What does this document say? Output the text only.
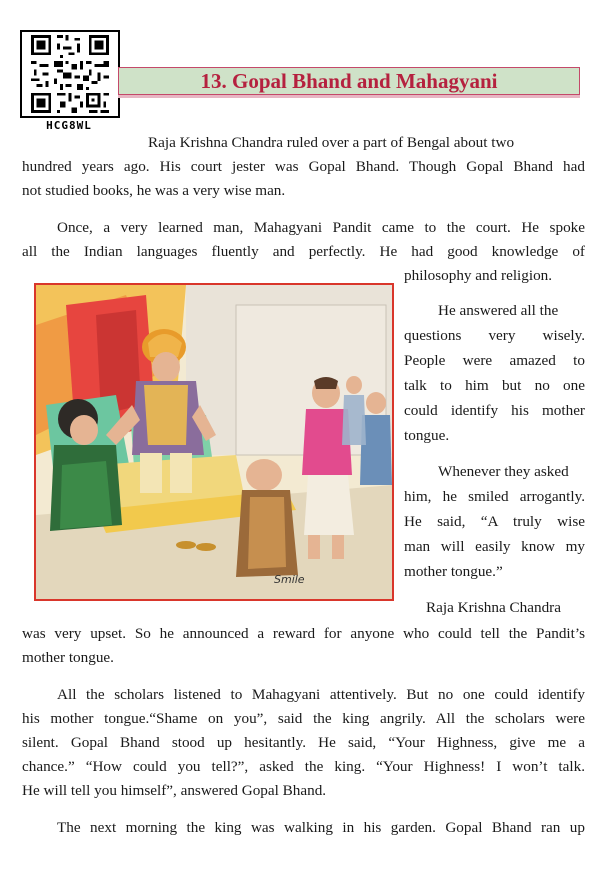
HCG8WL
13. Gopal Bhand and Mahagyani
Raja Krishna Chandra ruled over a part of Bengal about two
hundred years ago. His court jester was Gopal Bhand. Though Gopal Bhand had
not studied books, he was a very wise man.
Once, a very learned man, Mahagyani Pandit came to the court. He spoke
all the Indian languages fluently and perfectly. He had good knowledge of
philosophy and religion.
Smile
He answered all the
questions very wisely.
People were amazed to
talk to him but no one
could identify his mother
tongue.
Whenever they asked
him, he smiled arrogantly.
He said, “A truly wise
man will easily know my
mother tongue.”
Raja Krishna Chandra
was very upset. So he announced a reward for anyone who could tell the Pandit’s
mother tongue.
All the scholars listened to Mahagyani attentively. But no one could identify
his mother tongue.“Shame on you”, said the king angrily. All the scholars were
silent. Gopal Bhand stood up hesitantly. He said, “Your Highness, give me a
chance.” “How could you tell?”, asked the king. “Your Highness! I won’t talk.
He will tell you himself”, answered Gopal Bhand.
The next morning the king was walking in his garden. Gopal Bhand ran up
